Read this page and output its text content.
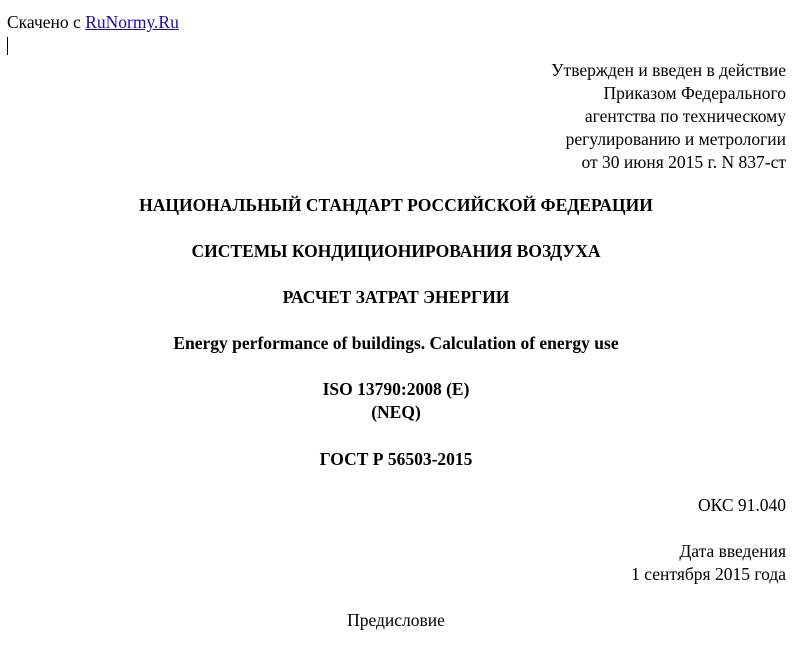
Скачено с RuNormy.Ru
Утвержден и введен в действие
Приказом Федерального
агентства по техническому
регулированию и метрологии
от 30 июня 2015 г. N 837-ст
НАЦИОНАЛЬНЫЙ СТАНДАРТ РОССИЙСКОЙ ФЕДЕРАЦИИ
СИСТЕМЫ КОНДИЦИОНИРОВАНИЯ ВОЗДУХА
РАСЧЕТ ЗАТРАТ ЭНЕРГИИ
Energy performance of buildings. Calculation of energy use
ISO 13790:2008 (E)
(NEQ)
ГОСТ Р 56503-2015
ОКС 91.040
Дата введения
1 сентября 2015 года
Предисловие
